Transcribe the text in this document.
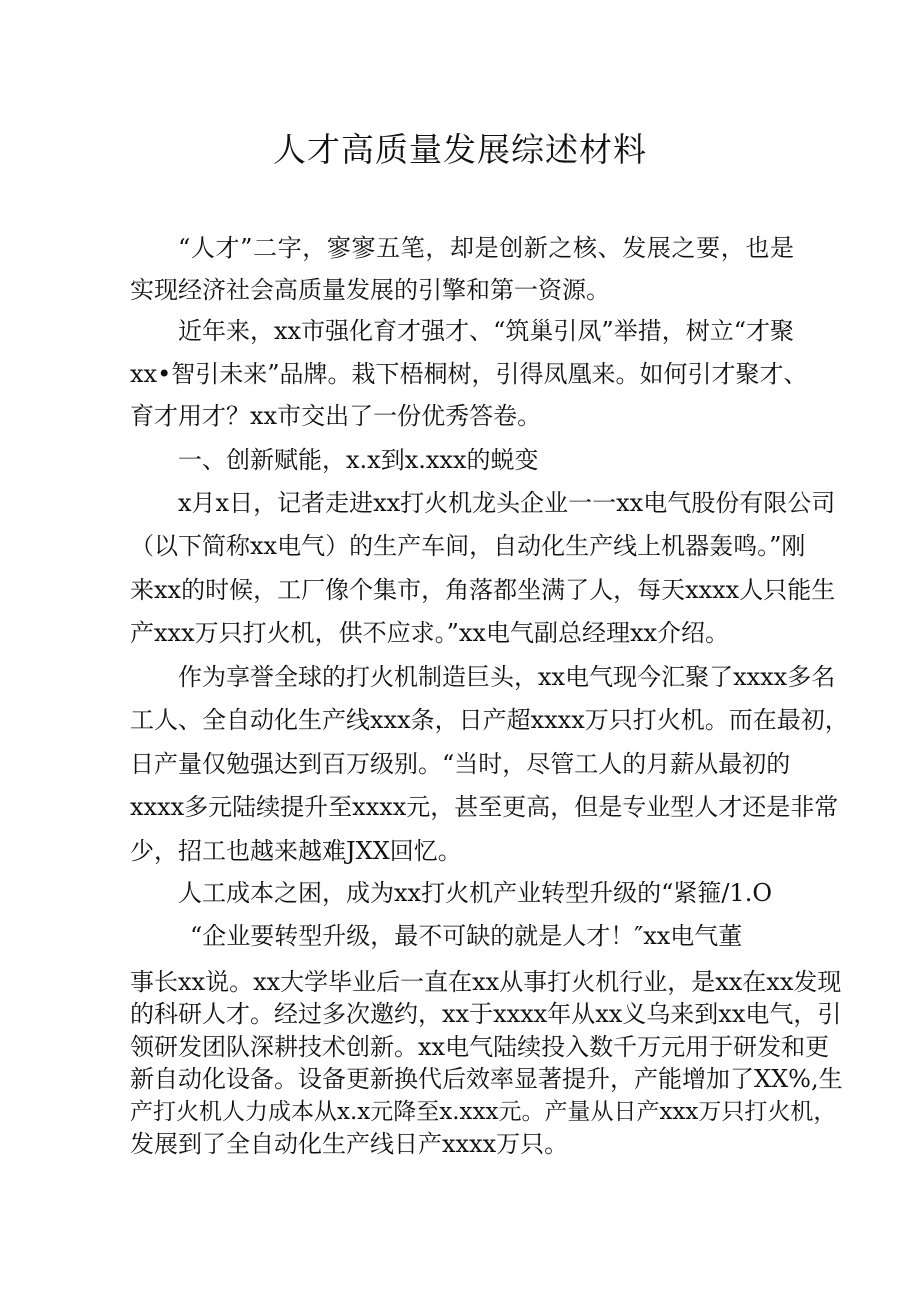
人才高质量发展综述材料
“人才”二字，寥寥五笔，却是创新之核、发展之要，也是
实现经济社会高质量发展的引擎和第一资源。
近年来，xx市强化育才强才、“筑巢引凤”举措，树立“才聚
xx•智引未来”品牌。栽下梧桐树，引得凤凰来。如何引才聚才、
育才用才？xx市交出了一份优秀答卷。
一、创新赋能，x.x到x.xxx的蜕变
x月x日，记者走进xx打火机龙头企业一一xx电气股份有限公司
（以下简称xx电气）的生产车间，自动化生产线上机器轰鸣。”刚
来xx的时候，工厂像个集市，角落都坐满了人，每天xxxx人只能生
产xxx万只打火机，供不应求。”xx电气副总经理xx介绍。
作为享誉全球的打火机制造巨头，xx电气现今汇聚了xxxx多名
工人、全自动化生产线xxx条，日产超xxxx万只打火机。而在最初，
日产量仅勉强达到百万级别。“当时，尽管工人的月薪从最初的
xxxx多元陆续提升至xxxx元，甚至更高，但是专业型人才还是非常
少，招工也越来越难JXX回忆。
人工成本之困，成为xx打火机产业转型升级的“紧箍/1.O
“企业要转型升级，最不可缺的就是人才！″xx电气董
事长xx说。xx大学毕业后一直在xx从事打火机行业，是xx在xx发现
的科研人才。经过多次邀约，xx于xxxx年从xx义乌来到xx电气，引
领研发团队深耕技术创新。xx电气陆续投入数千万元用于研发和更
新自动化设备。设备更新换代后效率显著提升，产能增加了XX%,生
产打火机人力成本从x.x元降至x.xxx元。产量从日产xxx万只打火机，
发展到了全自动化生产线日产xxxx万只。
